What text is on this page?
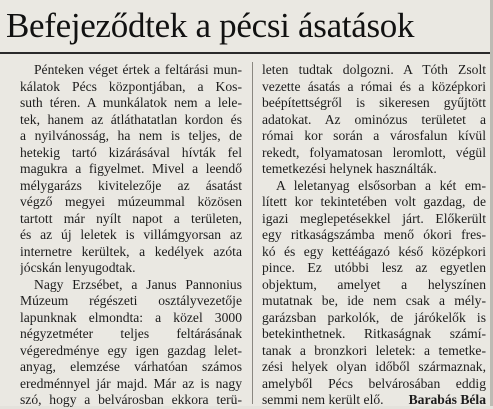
Befejeződtek a pécsi ásatások
Pénteken véget értek a feltárási mun-
kálatok Pécs központjában, a Kos-
suth téren. A munkálatok nem a lele-
tek, hanem az átláthatatlan kordon és
a nyilvánosság, ha nem is teljes, de
hetekig tartó kizárásával hívták fel
magukra a figyelmet. Mivel a leendő
mélygarázs kivitelezője az ásatást
végző megyei múzeummal közösen
tartott már nyílt napot a területen,
és az új leletek is villámgyorsan az
internetre kerültek, a kedélyek azóta
jócskán lenyugodtak.
Nagy Erzsébet, a Janus Pannonius
Múzeum régészeti osztályvezetője
lapunknak elmondta: a közel 3000
négyzetméter teljes feltárásának
végeredménye egy igen gazdag lelet-
anyag, elemzése várhatóan számos
eredménnyel jár majd. Már az is nagy
szó, hogy a belvárosban ekkora terü-
leten tudtak dolgozni. A Tóth Zsolt
vezette ásatás a római és a középkori
beépítettségről is sikeresen gyűjtött
adatokat. Az ominózus területet a
római kor során a városfalun kívül
rekedt, folyamatosan leromlott, végül
temetkezési helynek használták.
A leletanyag elsősorban a két em-
lített kor tekintetében volt gazdag, de
igazi meglepetésekkel járt. Előkerült
egy ritkaságszámba menő ókori fres-
kó és egy kettéágazó késő középkori
pince. Ez utóbbi lesz az egyetlen
objektum, amelyet a helyszínen
mutatnak be, ide nem csak a mély-
garázsban parkolók, de járókelők is
betekinthetnek. Ritkaságnak számí-
tanak a bronzkori leletek: a temetke-
zési helyek olyan időből származnak,
amelyből Pécs belvárosában eddig
semmi nem került elő. Barabás Béla
